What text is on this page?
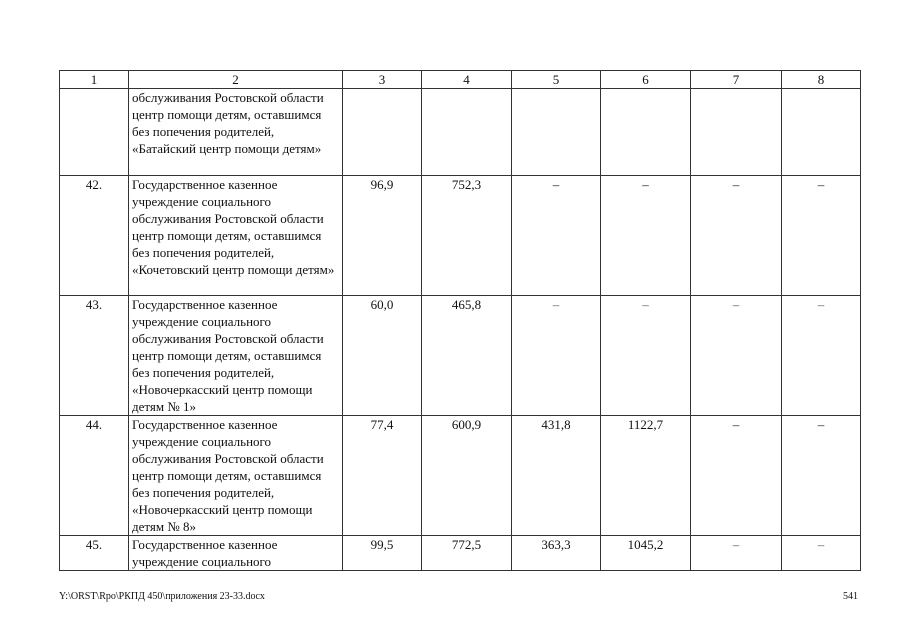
1	2	3	4	5	6	7	8
	обслуживания Ростовской области центр помощи детям, оставшимся без попечения родителей, «Батайский центр помощи детям»						
42.	Государственное казенное учреждение социального обслуживания Ростовской области центр помощи детям, оставшимся без попечения родителей, «Кочетовский центр помощи детям»	96,9	752,3	–	–	–	–
43.	Государственное казенное учреждение социального обслуживания Ростовской области центр помощи детям, оставшимся без попечения родителей, «Новочеркасский центр помощи детям № 1»	60,0	465,8	–	–	–	–
44.	Государственное казенное учреждение социального обслуживания Ростовской области центр помощи детям, оставшимся без попечения родителей, «Новочеркасский центр помощи детям № 8»	77,4	600,9	431,8	1122,7	–	–
45.	Государственное казенное учреждение социального	99,5	772,5	363,3	1045,2	–	–
Y:\ORST\Rpo\РКПД 450\приложения 23-33.docx	541
